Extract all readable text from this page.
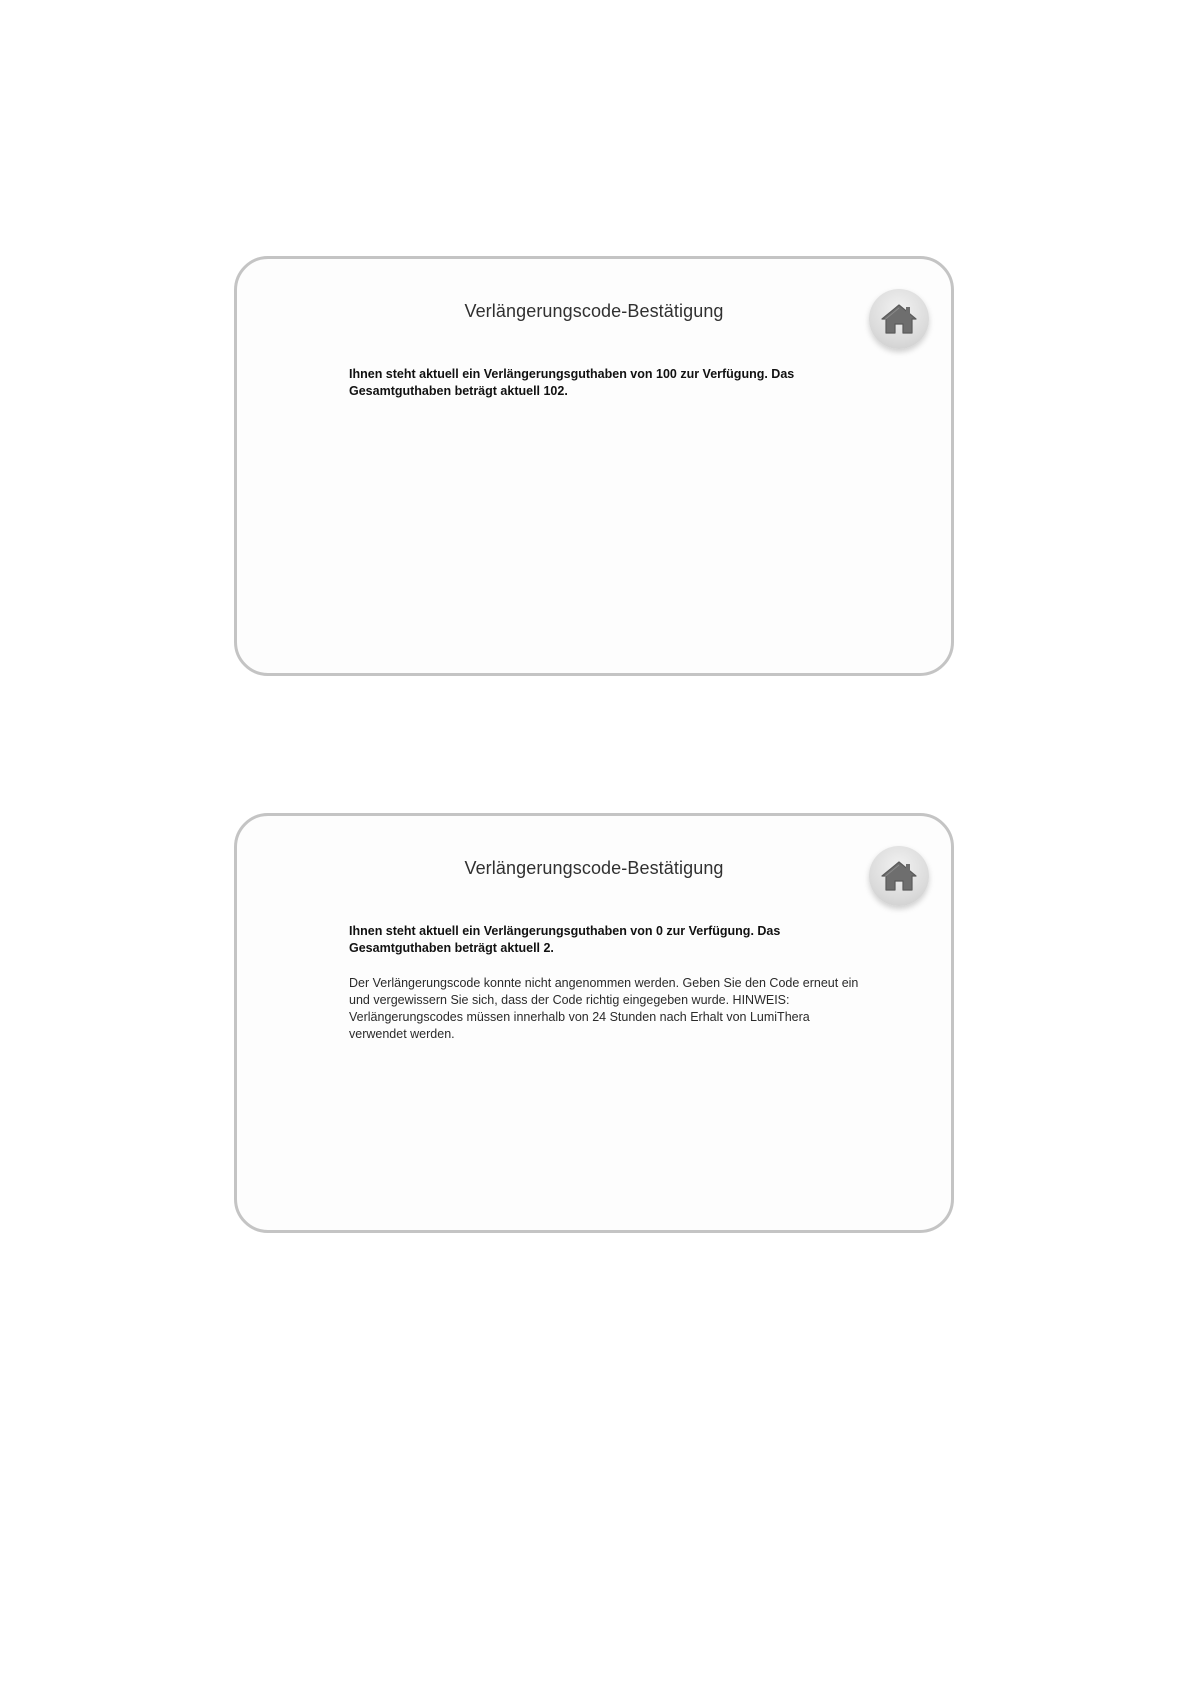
Verlängerungscode-Bestätigung
Ihnen steht aktuell ein Verlängerungsguthaben von 100 zur Verfügung. Das Gesamtguthaben beträgt aktuell 102.
Verlängerungscode-Bestätigung
Ihnen steht aktuell ein Verlängerungsguthaben von 0 zur Verfügung. Das Gesamtguthaben beträgt aktuell 2.
Der Verlängerungscode konnte nicht angenommen werden. Geben Sie den Code erneut ein und vergewissern Sie sich, dass der Code richtig eingegeben wurde. HINWEIS: Verlängerungscodes müssen innerhalb von 24 Stunden nach Erhalt von LumiThera verwendet werden.
